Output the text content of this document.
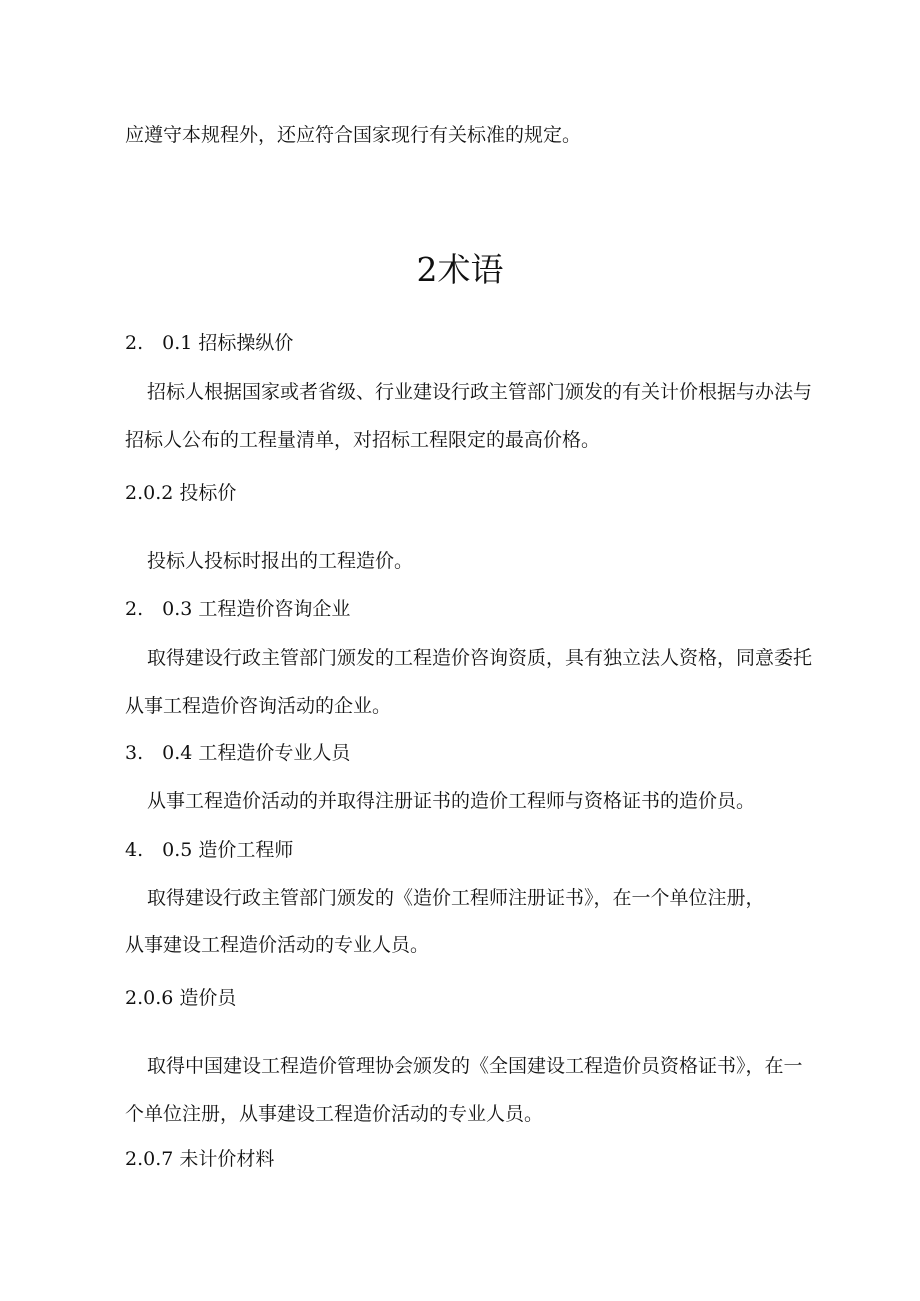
应遵守本规程外，还应符合国家现行有关标准的规定。
2术语
2.　0.1 招标操纵价
招标人根据国家或者省级、行业建设行政主管部门颁发的有关计价根据与办法与
招标人公布的工程量清单，对招标工程限定的最高价格。
2.0.2 投标价
投标人投标时报出的工程造价。
2.　0.3 工程造价咨询企业
取得建设行政主管部门颁发的工程造价咨询资质，具有独立法人资格，同意委托
从事工程造价咨询活动的企业。
3.　0.4 工程造价专业人员
从事工程造价活动的并取得注册证书的造价工程师与资格证书的造价员。
4.　0.5 造价工程师
取得建设行政主管部门颁发的《造价工程师注册证书》，在一个单位注册，
从事建设工程造价活动的专业人员。
2.0.6 造价员
取得中国建设工程造价管理协会颁发的《全国建设工程造价员资格证书》，在一
个单位注册，从事建设工程造价活动的专业人员。
2.0.7 未计价材料
